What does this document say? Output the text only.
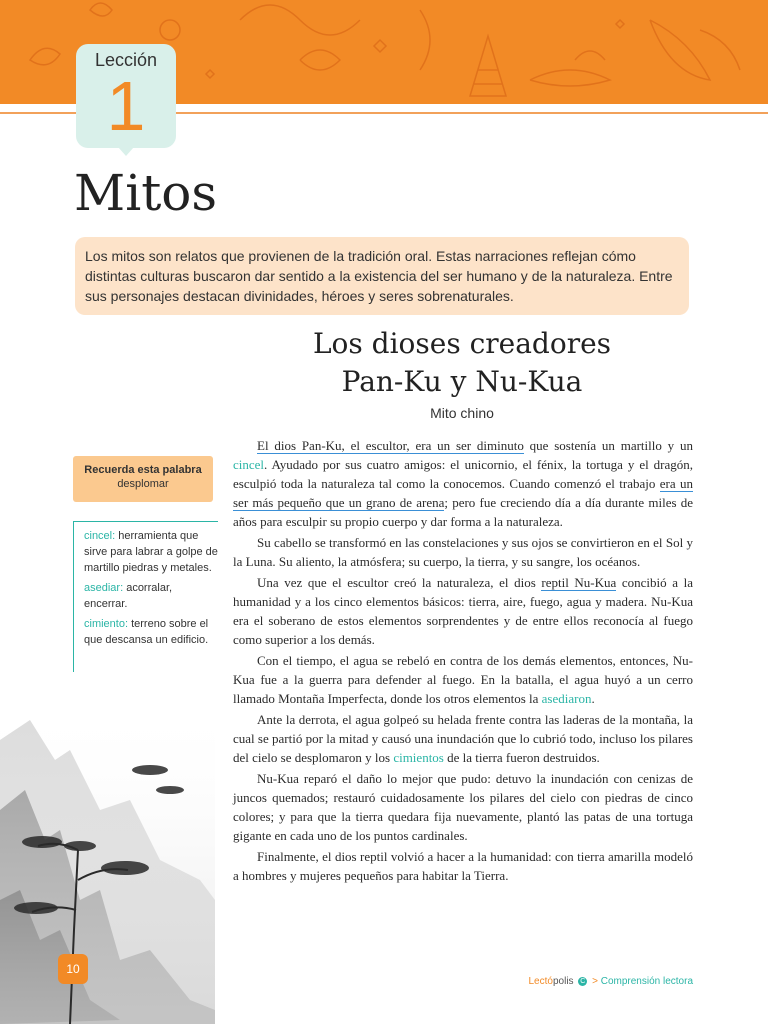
Lección
1
Mitos
Los mitos son relatos que provienen de la tradición oral. Estas narraciones reflejan cómo distintas culturas buscaron dar sentido a la existencia del ser humano y de la naturaleza. Entre sus personajes destacan divinidades, héroes y seres sobrenaturales.
Los dioses creadores
Pan-Ku y Nu-Kua
Mito chino
Recuerda esta palabra
desplomar

cincel: herramienta que sirve para labrar a golpe de martillo piedras y metales.

asediar: acorralar, encerrar.

cimiento: terreno sobre el que descansa un edificio.

El dios Pan-Ku, el escultor, era un ser diminuto que sostenía un martillo y un cincel. Ayudado por sus cuatro amigos: el unicornio, el fénix, la tortuga y el dragón, esculpió toda la naturaleza tal como la conocemos. Cuando comenzó el trabajo era un ser más pequeño que un grano de arena; pero fue creciendo día a día durante miles de años para esculpir su propio cuerpo y dar forma a la naturaleza.

Su cabello se transformó en las constelaciones y sus ojos se convirtieron en el Sol y la Luna. Su aliento, la atmósfera; su cuerpo, la tierra, y su sangre, los océanos.

Una vez que el escultor creó la naturaleza, el dios reptil Nu-Kua concibió a la humanidad y a los cinco elementos básicos: tierra, aire, fuego, agua y madera. Nu-Kua era el soberano de estos elementos sorprendentes y de entre ellos reconocía al fuego como superior a los demás.

Con el tiempo, el agua se rebeló en contra de los demás elementos, entonces, Nu-Kua fue a la guerra para defender al fuego. En la batalla, el agua huyó a un cerro llamado Montaña Imperfecta, donde los otros elementos la asediaron.

Ante la derrota, el agua golpeó su helada frente contra las laderas de la montaña, la cual se partió por la mitad y causó una inundación que lo cubrió todo, incluso los pilares del cielo se desplomaron y los cimientos de la tierra fueron destruidos.

Nu-Kua reparó el daño lo mejor que pudo: detuvo la inundación con cenizas de juncos quemados; restauró cuidadosamente los pilares del cielo con piedras de cinco colores; y para que la tierra quedara fija nuevamente, plantó las patas de una tortuga gigante en cada uno de los puntos cardinales.

Finalmente, el dios reptil volvió a hacer a la humanidad: con tierra amarilla modeló a hombres y mujeres pequeños para habitar la Tierra.

10
Lectópolis C > Comprensión lectora
